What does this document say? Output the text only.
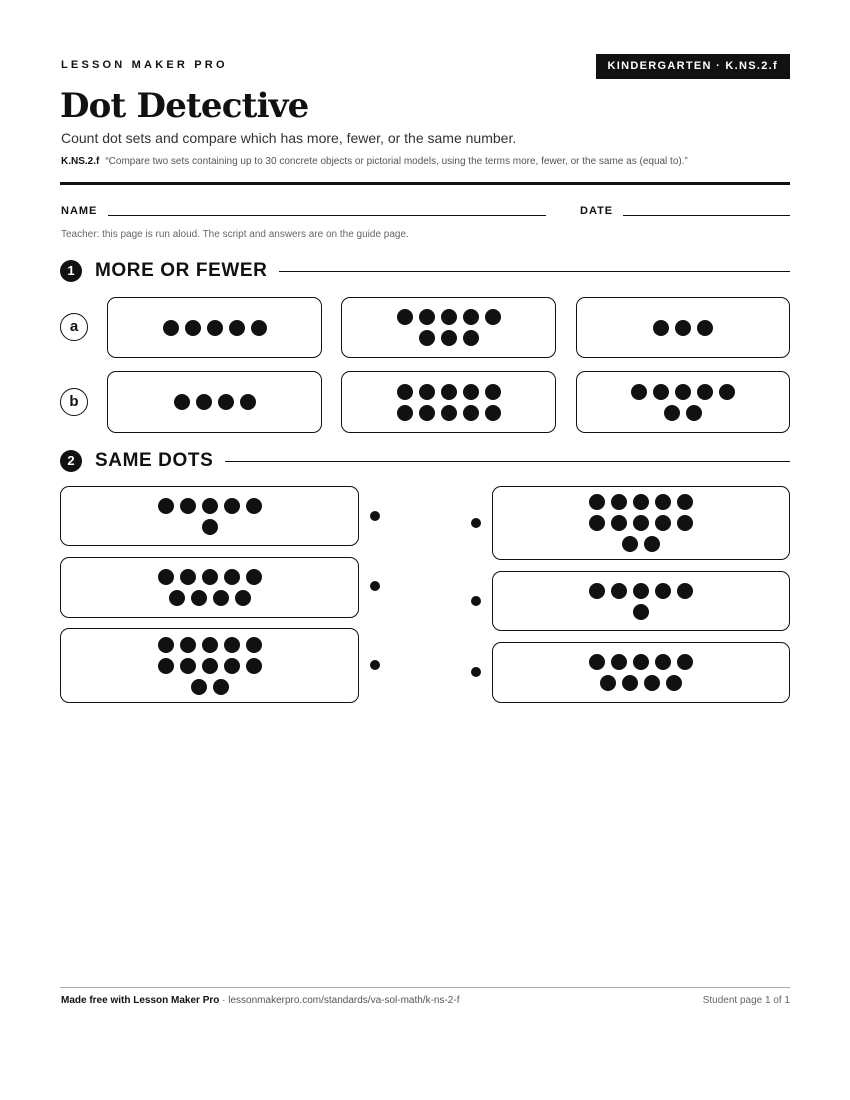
LESSON MAKER PRO	KINDERGARTEN · K.NS.2.f
Dot Detective
Count dot sets and compare which has more, fewer, or the same number.
K.NS.2.f “Compare two sets containing up to 30 concrete objects or pictorial models, using the terms more, fewer, or the same as (equal to).”
NAME	DATE
Teacher: this page is run aloud. The script and answers are on the guide page.
1	MORE OR FEWER
a
b
2	SAME DOTS
Made free with Lesson Maker Pro · lessonmakerpro.com/standards/va-sol-math/k-ns-2-f	Student page 1 of 1
